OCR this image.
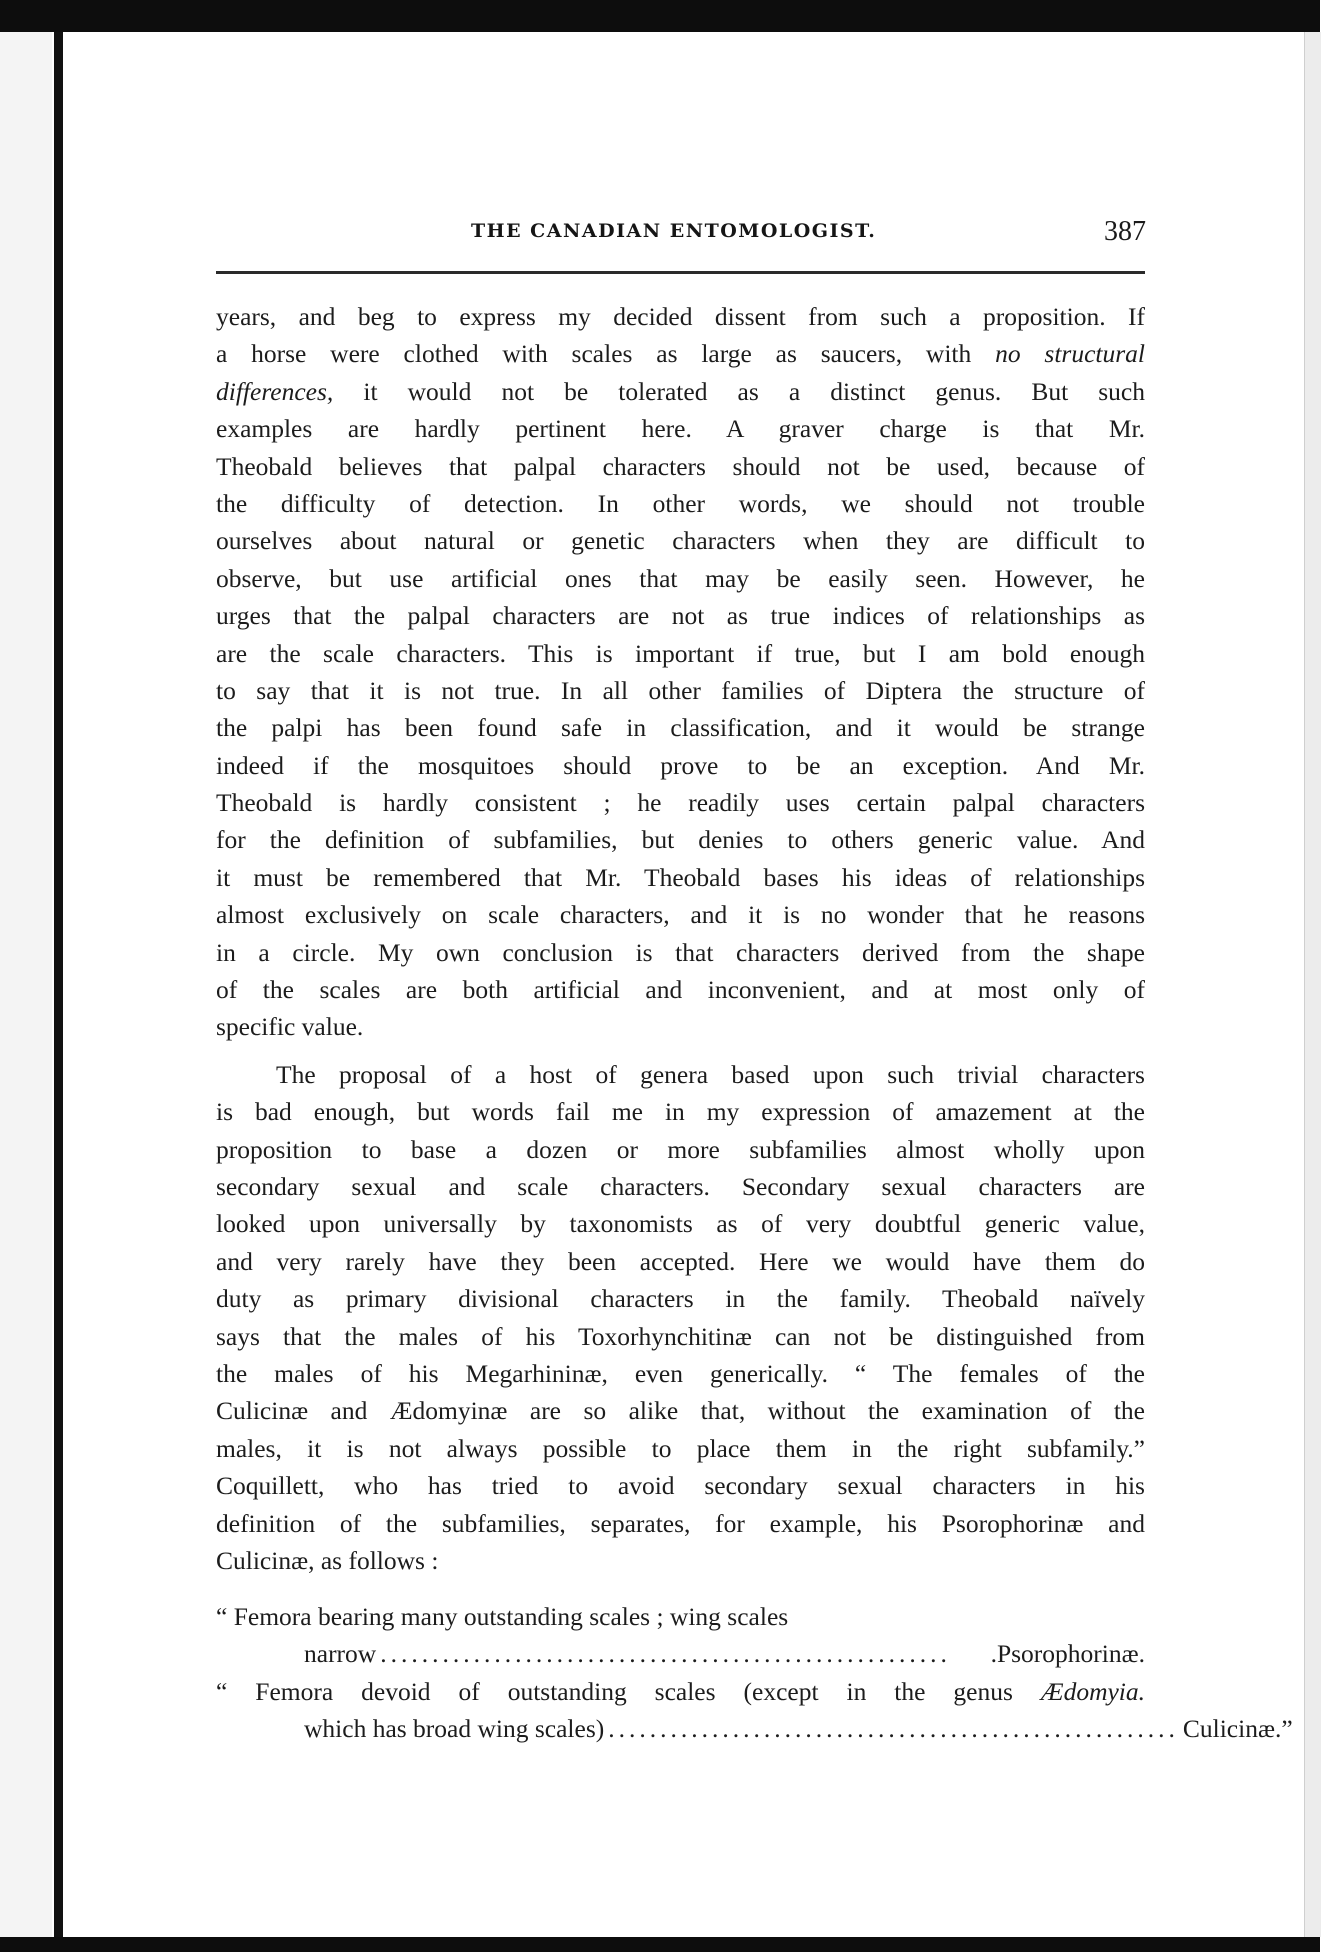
THE CANADIAN ENTOMOLOGIST.	387
years, and beg to express my decided dissent from such a proposition. If
a horse were clothed with scales as large as saucers, with no structural
differences, it would not be tolerated as a distinct genus. But such
examples are hardly pertinent here. A graver charge is that Mr.
Theobald believes that palpal characters should not be used, because of
the difficulty of detection. In other words, we should not trouble
ourselves about natural or genetic characters when they are difficult to
observe, but use artificial ones that may be easily seen. However, he
urges that the palpal characters are not as true indices of relationships as
are the scale characters. This is important if true, but I am bold enough
to say that it is not true. In all other families of Diptera the structure of
the palpi has been found safe in classification, and it would be strange
indeed if the mosquitoes should prove to be an exception. And Mr.
Theobald is hardly consistent ; he readily uses certain palpal characters
for the definition of subfamilies, but denies to others generic value. And
it must be remembered that Mr. Theobald bases his ideas of relationships
almost exclusively on scale characters, and it is no wonder that he reasons
in a circle. My own conclusion is that characters derived from the shape
of the scales are both artificial and inconvenient, and at most only of
specific value.
The proposal of a host of genera based upon such trivial characters
is bad enough, but words fail me in my expression of amazement at the
proposition to base a dozen or more subfamilies almost wholly upon
secondary sexual and scale characters. Secondary sexual characters are
looked upon universally by taxonomists as of very doubtful generic value,
and very rarely have they been accepted. Here we would have them do
duty as primary divisional characters in the family. Theobald naïvely
says that the males of his Toxorhynchitinæ can not be distinguished from
the males of his Megarhininæ, even generically. “ The females of the
Culicinæ and Ædomyinæ are so alike that, without the examination of the
males, it is not always possible to place them in the right subfamily.”
Coquillett, who has tried to avoid secondary sexual characters in his
definition of the subfamilies, separates, for example, his Psorophorinæ and
Culicinæ, as follows :
“ Femora bearing many outstanding scales ; wing scales
narrow .......................................................	.Psorophorinæ.
“ Femora devoid of outstanding scales (except in the genus Ædomyia.
which has broad wing scales) ....................................................... Culicinæ.”
